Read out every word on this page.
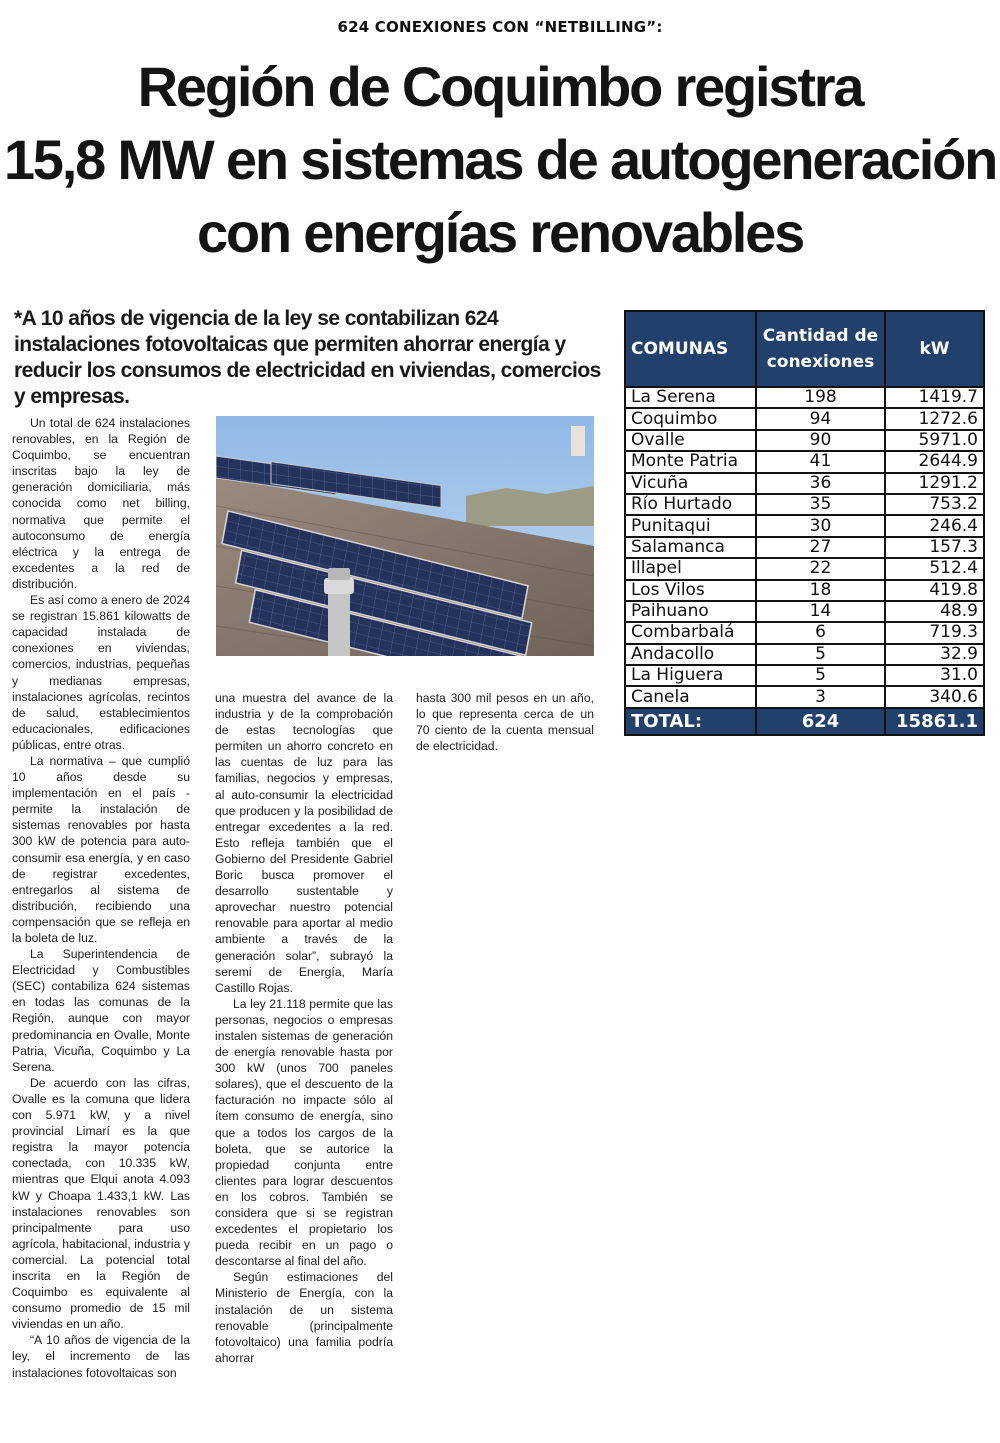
624 CONEXIONES CON “NETBILLING”:
Región de Coquimbo registra
15,8 MW en sistemas de autogeneración
con energías renovables

*A 10 años de vigencia de la ley se contabilizan 624 instalaciones fotovoltaicas que permiten ahorrar energía y reducir los consumos de electricidad en viviendas, comercios y empresas.

Un total de 624 instalaciones renovables, en la Región de Coquimbo, se encuentran inscritas bajo la ley de generación domiciliaria, más conocida como net billing, normativa que permite el autoconsumo de energía eléctrica y la entrega de excedentes a la red de distribución.

Es así como a enero de 2024 se registran 15.861 kilowatts de capacidad instalada de conexiones en viviendas, comercios, industrias, pequeñas y medianas empresas, instalaciones agrícolas, recintos de salud, establecimientos educacionales, edificaciones públicas, entre otras.

La normativa – que cumplió 10 años desde su implementación en el país - permite la instalación de sistemas renovables por hasta 300 kW de potencia para auto-consumir esa energía, y en caso de registrar excedentes, entregarlos al sistema de distribución, recibiendo una compensación que se refleja en la boleta de luz.

La Superintendencia de Electricidad y Combustibles (SEC) contabiliza 624 sistemas en todas las comunas de la Región, aunque con mayor predominancia en Ovalle, Monte Patria, Vicuña, Coquimbo y La Serena.

De acuerdo con las cifras, Ovalle es la comuna que lidera con 5.971 kW, y a nivel provincial Limarí es la que registra la mayor potencia conectada, con 10.335 kW, mientras que Elqui anota 4.093 kW y Choapa 1.433,1 kW. Las instalaciones renovables son principalmente para uso agrícola, habitacional, industria y comercial. La potencial total inscrita en la Región de Coquimbo es equivalente al consumo promedio de 15 mil viviendas en un año.

“A 10 años de vigencia de la ley, el incremento de las instalaciones fotovoltaicas son

una muestra del avance de la industria y de la comprobación de estas tecnologías que permiten un ahorro concreto en las cuentas de luz para las familias, negocios y empresas, al auto-consumir la electricidad que producen y la posibilidad de entregar excedentes a la red. Esto refleja también que el Gobierno del Presidente Gabriel Boric busca promover el desarrollo sustentable y aprovechar nuestro potencial renovable para aportar al medio ambiente a través de la generación solar”, subrayó la seremi de Energía, María Castillo Rojas.

La ley 21.118 permite que las personas, negocios o empresas instalen sistemas de generación de energía renovable hasta por 300 kW (unos 700 paneles solares), que el descuento de la facturación no impacte sólo al ítem consumo de energía, sino que a todos los cargos de la boleta, que se autorice la propiedad conjunta entre clientes para lograr descuentos en los cobros. También se considera que si se registran excedentes el propietario los pueda recibir en un pago o descontarse al final del año.

Según estimaciones del Ministerio de Energía, con la instalación de un sistema renovable (principalmente fotovoltaico) una familia podría ahorrar

hasta 300 mil pesos en un año, lo que representa cerca de un 70 ciento de la cuenta mensual de electricidad.

COMUNAS	Cantidad de conexiones	kW
La Serena	198	1419.7
Coquimbo	94	1272.6
Ovalle	90	5971.0
Monte Patria	41	2644.9
Vicuña	36	1291.2
Río Hurtado	35	753.2
Punitaqui	30	246.4
Salamanca	27	157.3
Illapel	22	512.4
Los Vilos	18	419.8
Paihuano	14	48.9
Combarbalá	6	719.3
Andacollo	5	32.9
La Higuera	5	31.0
Canela	3	340.6
TOTAL:	624	15861.1
